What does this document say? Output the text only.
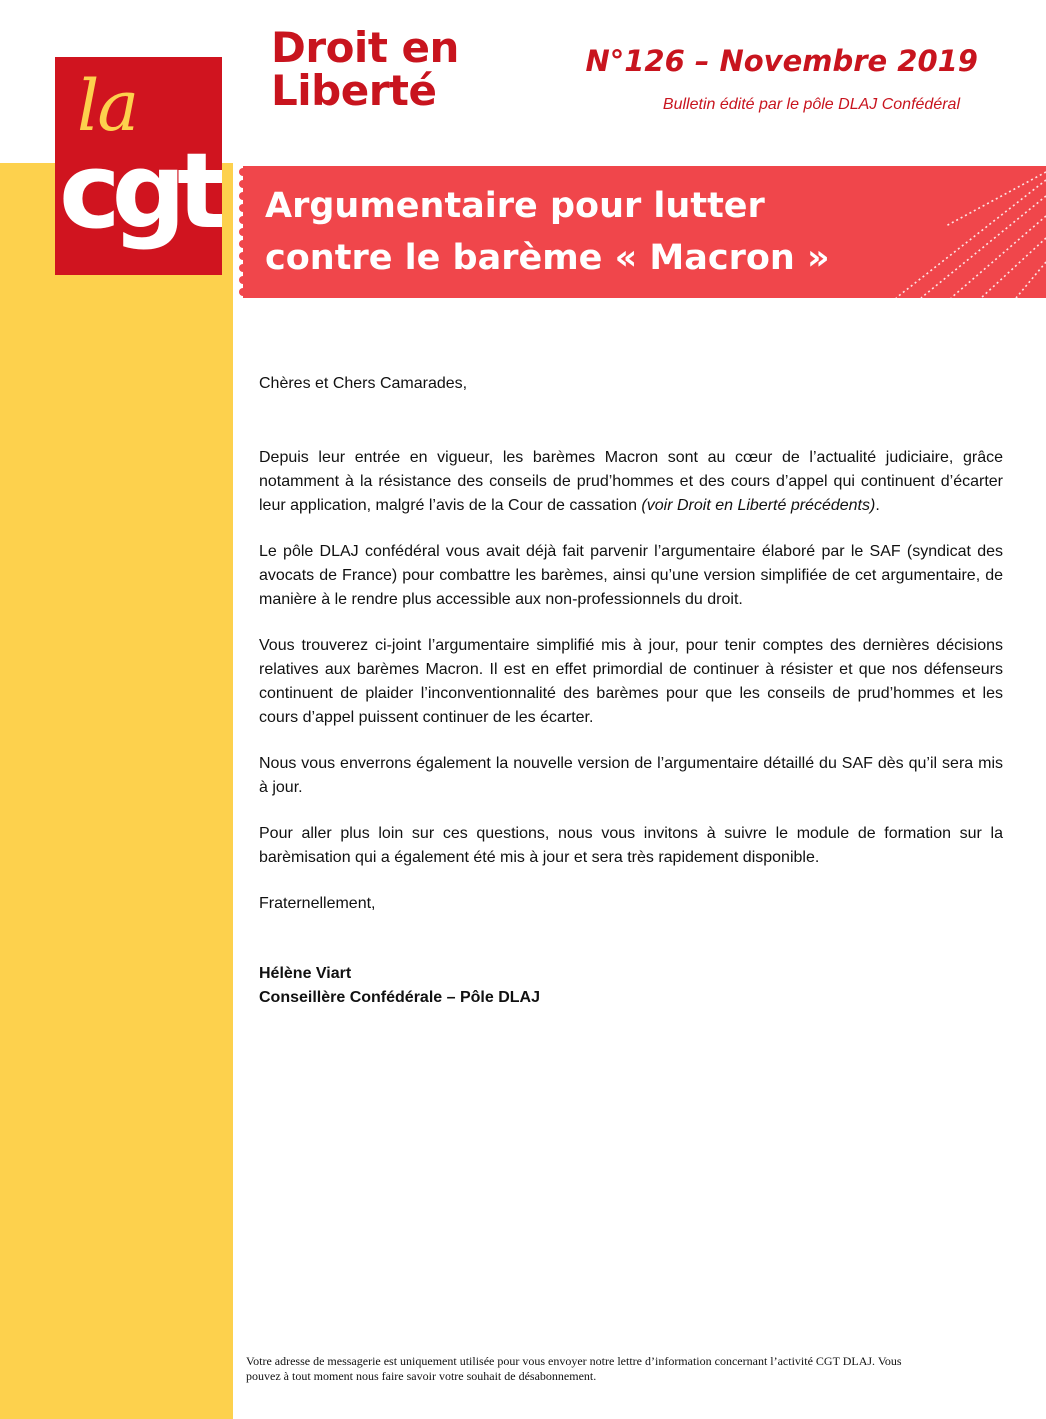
la
cgt
Droit en
Liberté
N°126 – Novembre 2019
Bulletin édité par le pôle DLAJ Confédéral
Argumentaire pour lutter
contre le barème « Macron »

Chères et Chers Camarades,

Depuis leur entrée en vigueur, les barèmes Macron sont au cœur de l’actualité judiciaire, grâce notamment à la résistance des conseils de prud’hommes et des cours d’appel qui continuent d’écarter leur application, malgré l’avis de la Cour de cassation (voir Droit en Liberté précédents).

Le pôle DLAJ confédéral vous avait déjà fait parvenir l’argumentaire élaboré par le SAF (syndicat des avocats de France) pour combattre les barèmes, ainsi qu’une version simplifiée de cet argumentaire, de manière à le rendre plus accessible aux non-professionnels du droit.

Vous trouverez ci-joint l’argumentaire simplifié mis à jour, pour tenir comptes des dernières décisions relatives aux barèmes Macron. Il est en effet primordial de continuer à résister et que nos défenseurs continuent de plaider l’inconventionnalité des barèmes pour que les conseils de prud’hommes et les cours d’appel puissent continuer de les écarter.

Nous vous enverrons également la nouvelle version de l’argumentaire détaillé du SAF dès qu’il sera mis à jour.

Pour aller plus loin sur ces questions, nous vous invitons à suivre le module de formation sur la barèmisation qui a également été mis à jour et sera très rapidement disponible.

Fraternellement,

Hélène Viart

Conseillère Confédérale – Pôle DLAJ

Votre adresse de messagerie est uniquement utilisée pour vous envoyer notre lettre d’information concernant l’activité CGT DLAJ. Vous pouvez à tout moment nous faire savoir votre souhait de désabonnement.
